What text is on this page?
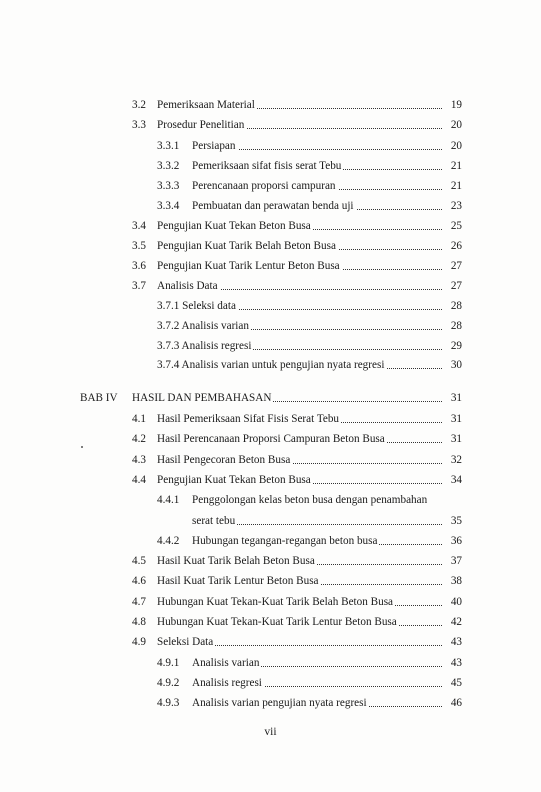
vii
3.2 Pemeriksaan Material	19
3.3 Prosedur Penelitian	20
3.3.1 Persiapan	20
3.3.2 Pemeriksaan sifat fisis serat Tebu	21
3.3.3 Perencanaan proporsi campuran	21
3.3.4 Pembuatan dan perawatan benda uji	23
3.4 Pengujian Kuat Tekan Beton Busa	25
3.5 Pengujian Kuat Tarik Belah Beton Busa	26
3.6 Pengujian Kuat Tarik Lentur Beton Busa	27
3.7 Analisis Data	27
3.7.1 Seleksi data	28
3.7.2 Analisis varian	28
3.7.3 Analisis regresi	29
3.7.4 Analisis varian untuk pengujian nyata regresi	30
BAB IV HASIL DAN PEMBAHASAN	31
4.1 Hasil Pemeriksaan Sifat Fisis Serat Tebu	31
4.2 Hasil Perencanaan Proporsi Campuran Beton Busa	31
4.3 Hasil Pengecoran Beton Busa	32
4.4 Pengujian Kuat Tekan Beton Busa	34
4.4.1 Penggolongan kelas beton busa dengan penambahan
serat tebu	35
4.4.2 Hubungan tegangan-regangan beton busa	36
4.5 Hasil Kuat Tarik Belah Beton Busa	37
4.6 Hasil Kuat Tarik Lentur Beton Busa	38
4.7 Hubungan Kuat Tekan-Kuat Tarik Belah Beton Busa	40
4.8 Hubungan Kuat Tekan-Kuat Tarik Lentur Beton Busa	42
4.9 Seleksi Data	43
4.9.1 Analisis varian	43
4.9.2 Analisis regresi	45
4.9.3 Analisis varian pengujian nyata regresi	46
